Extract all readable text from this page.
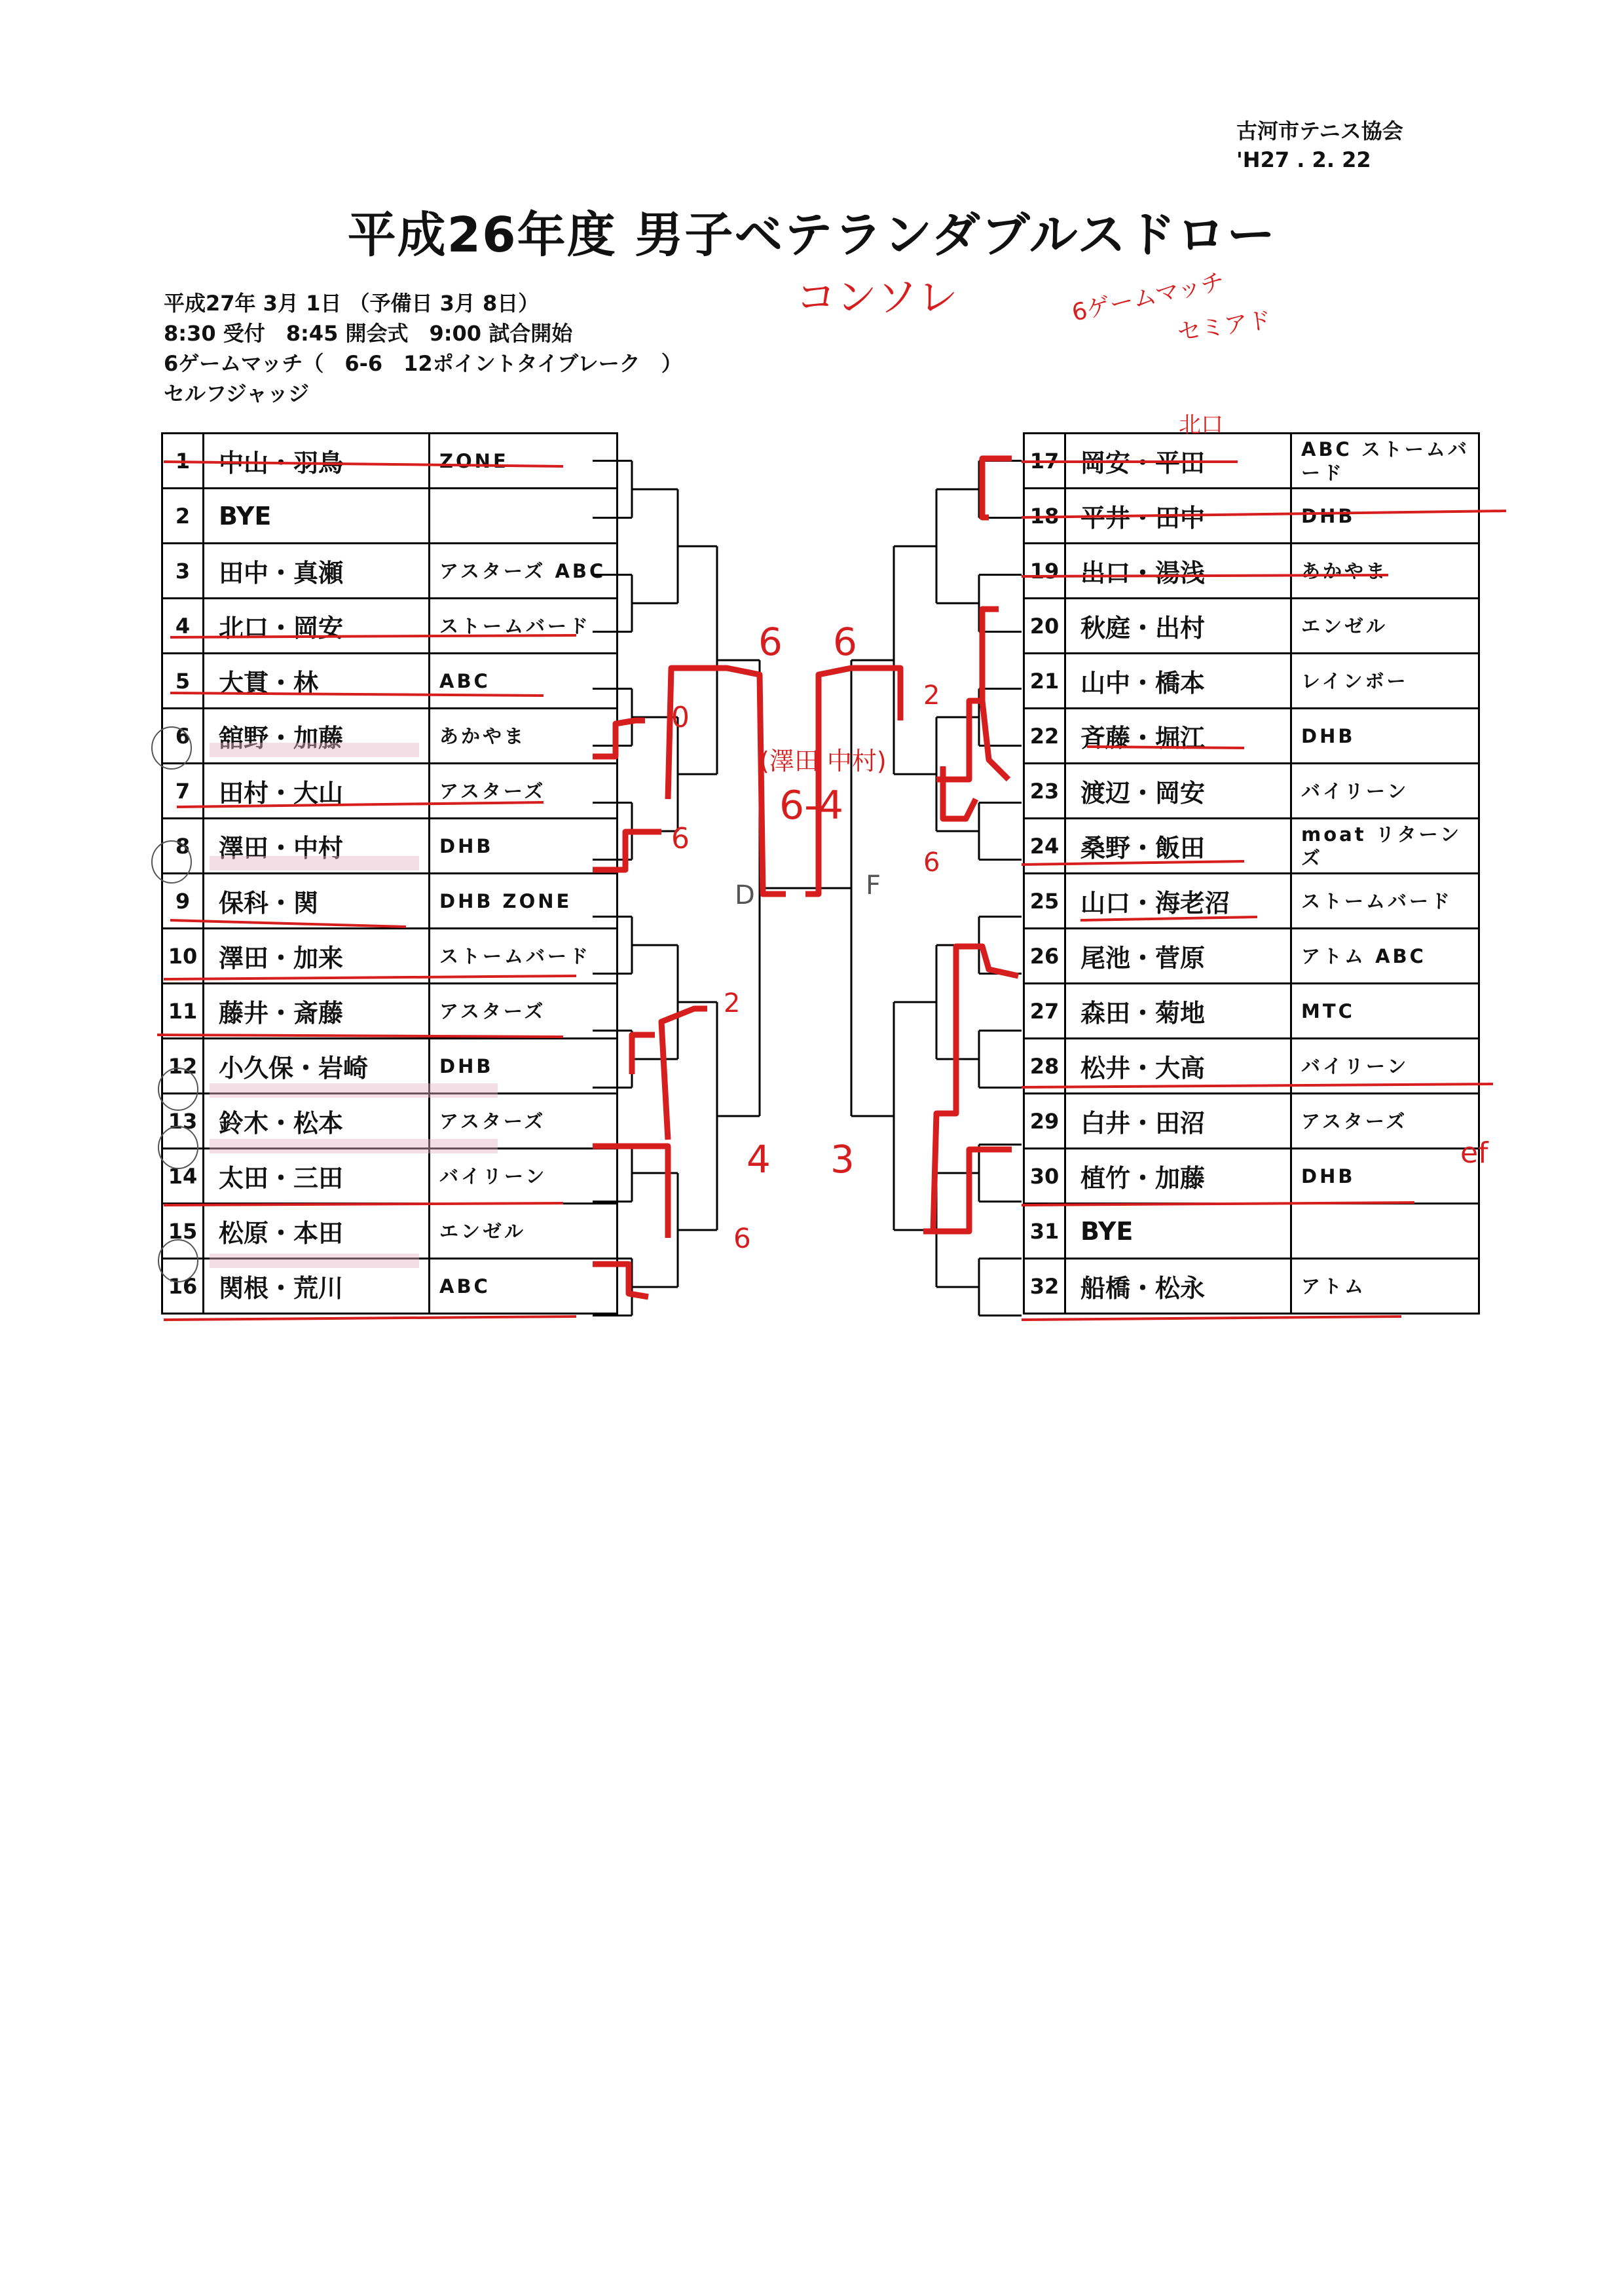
古河市テニス協会
'H27 . 2. 22
平成26年度 男子ベテランダブルスドロー
平成27年 3月 1日 （予備日 3月 8日）
8:30 受付　8:45 開会式　9:00 試合開始
6ゲームマッチ（　6-6　12ポイントタイブレーク　）
セルフジャッジ
1	中山・羽鳥	ZONE
2	BYE	
3	田中・真瀬	アスターズ ABC
4	北口・岡安	ストームバード
5	大貫・林	ABC
6	舘野・加藤	あかやま
7	田村・大山	アスターズ
8	澤田・中村	DHB
9	保科・関	DHB ZONE
10	澤田・加来	ストームバード
11	藤井・斎藤	アスターズ
12	小久保・岩崎	DHB
13	鈴木・松本	アスターズ
14	太田・三田	バイリーン
15	松原・本田	エンゼル
16	関根・荒川	ABC
17	岡安・平田	ABC ストームバード
18	平井・田中	DHB
19	出口・湯浅	あかやま
20	秋庭・出村	エンゼル
21	山中・橋本	レインボー
22	斉藤・堀江	DHB
23	渡辺・岡安	バイリーン
24	桑野・飯田	moat リターンズ
25	山口・海老沼	ストームバード
26	尾池・菅原	アトム ABC
27	森田・菊地	MTC
28	松井・大高	バイリーン
29	白井・田沼	アスターズ
30	植竹・加藤	DHB
31	BYE	
32	船橋・松永	アトム
コンソレ	6ゲームマッチ
セミアド
(澤田 中村)
6-4
6 6
0
6
2
4
6
3
2
6
北口
ef
D	F
